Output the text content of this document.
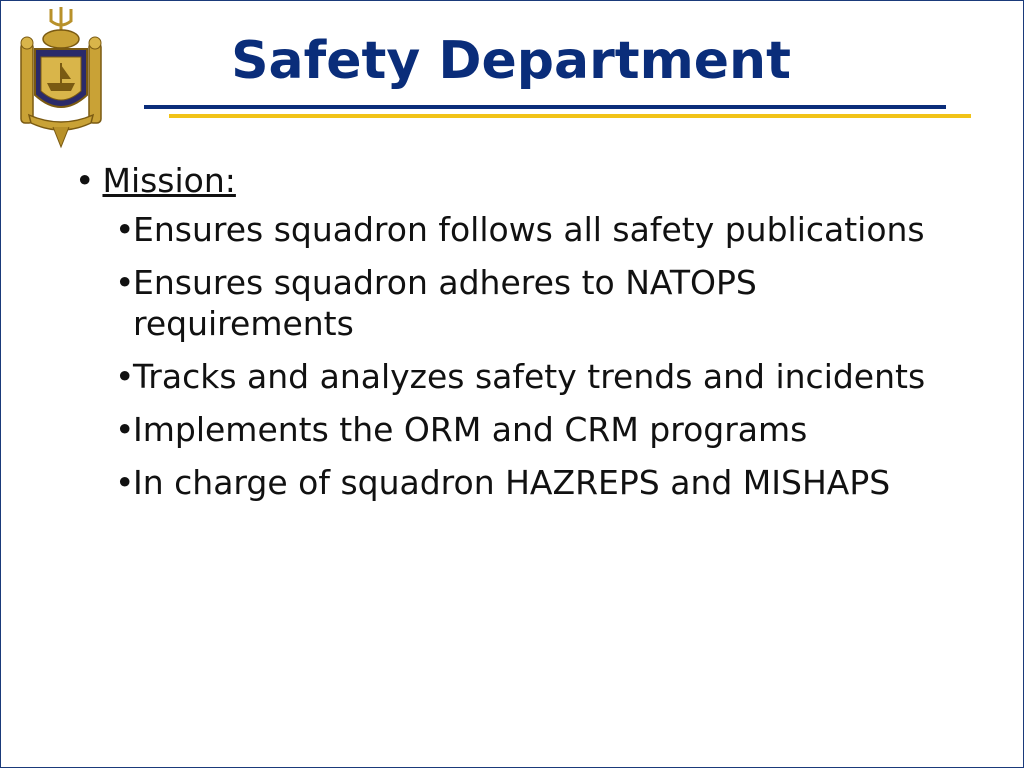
Safety Department
• Mission:
•
Ensures squadron follows all safety publications
•
Ensures squadron adheres to NATOPS requirements
•
Tracks and analyzes safety trends and incidents
•
Implements the ORM and CRM programs
•
In charge of squadron HAZREPS and MISHAPS
